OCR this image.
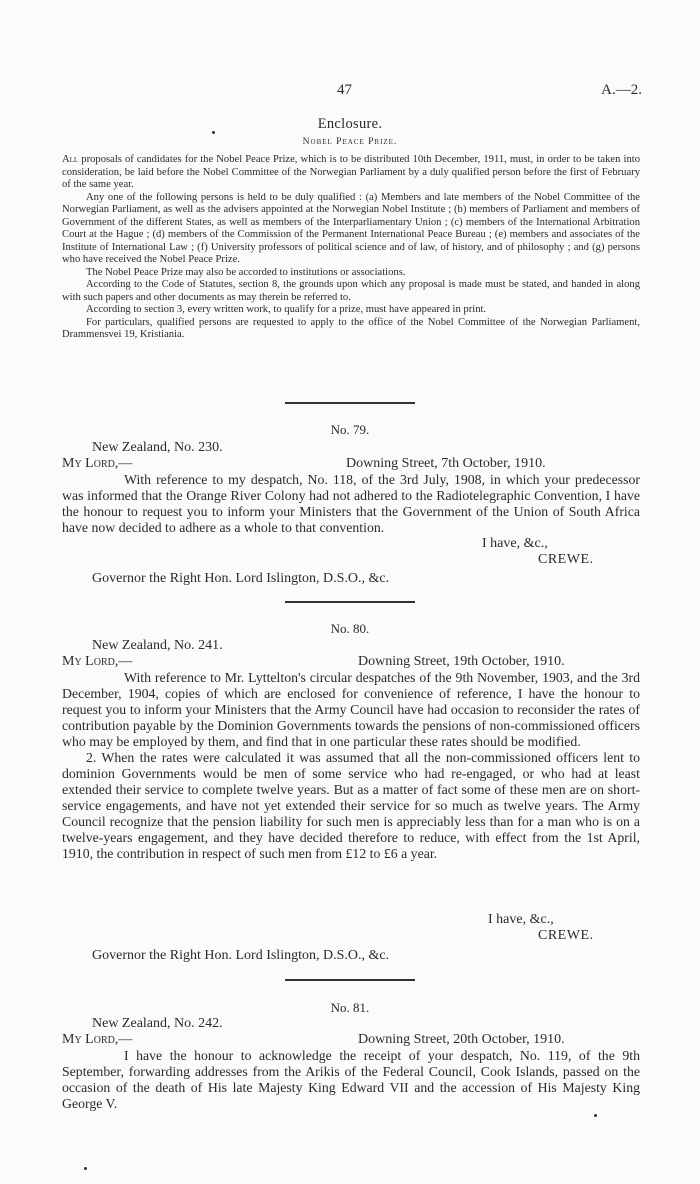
47	A.—2.
Enclosure.
Nobel Peace Prize.

All proposals of candidates for the Nobel Peace Prize, which is to be distributed 10th December, 1911, must, in order to be taken into consideration, be laid before the Nobel Committee of the Norwegian Parliament by a duly qualified person before the first of February of the same year.

Any one of the following persons is held to be duly qualified : (a) Members and late members of the Nobel Committee of the Norwegian Parliament, as well as the advisers appointed at the Norwegian Nobel Institute ; (b) members of Parliament and members of Government of the different States, as well as members of the Interparliamentary Union ; (c) members of the International Arbitration Court at the Hague ; (d) members of the Commission of the Permanent International Peace Bureau ; (e) members and associates of the Institute of International Law ; (f) University professors of political science and of law, of history, and of philosophy ; and (g) persons who have received the Nobel Peace Prize.

The Nobel Peace Prize may also be accorded to institutions or associations.

According to the Code of Statutes, section 8, the grounds upon which any proposal is made must be stated, and handed in along with such papers and other documents as may therein be referred to.

According to section 3, every written work, to qualify for a prize, must have appeared in print.

For particulars, qualified persons are requested to apply to the office of the Nobel Committee of the Norwegian Parliament, Drammensvei 19, Kristiania.

No. 79.
New Zealand, No. 230.
My Lord,—	Downing Street, 7th October, 1910.

With reference to my despatch, No. 118, of the 3rd July, 1908, in which your predecessor was informed that the Orange River Colony had not adhered to the Radiotelegraphic Convention, I have the honour to request you to inform your Ministers that the Government of the Union of South Africa have now decided to adhere as a whole to that convention.

I have, &c.,
CREWE.
Governor the Right Hon. Lord Islington, D.S.O., &c.
No. 80.
New Zealand, No. 241.
My Lord,—	Downing Street, 19th October, 1910.

With reference to Mr. Lyttelton's circular despatches of the 9th November, 1903, and the 3rd December, 1904, copies of which are enclosed for convenience of reference, I have the honour to request you to inform your Ministers that the Army Council have had occasion to reconsider the rates of contribution payable by the Dominion Governments towards the pensions of non-commissioned officers who may be employed by them, and find that in one particular these rates should be modified.

2. When the rates were calculated it was assumed that all the non-commissioned officers lent to dominion Governments would be men of some service who had re-engaged, or who had at least extended their service to complete twelve years. But as a matter of fact some of these men are on short-service engagements, and have not yet extended their service for so much as twelve years. The Army Council recognize that the pension liability for such men is appreciably less than for a man who is on a twelve-years engagement, and they have decided therefore to reduce, with effect from the 1st April, 1910, the contribution in respect of such men from £12 to £6 a year.

I have, &c.,
CREWE.
Governor the Right Hon. Lord Islington, D.S.O., &c.
No. 81.
New Zealand, No. 242.
My Lord,—	Downing Street, 20th October, 1910.

I have the honour to acknowledge the receipt of your despatch, No. 119, of the 9th September, forwarding addresses from the Arikis of the Federal Council, Cook Islands, passed on the occasion of the death of His late Majesty King Edward VII and the accession of His Majesty King George V.
